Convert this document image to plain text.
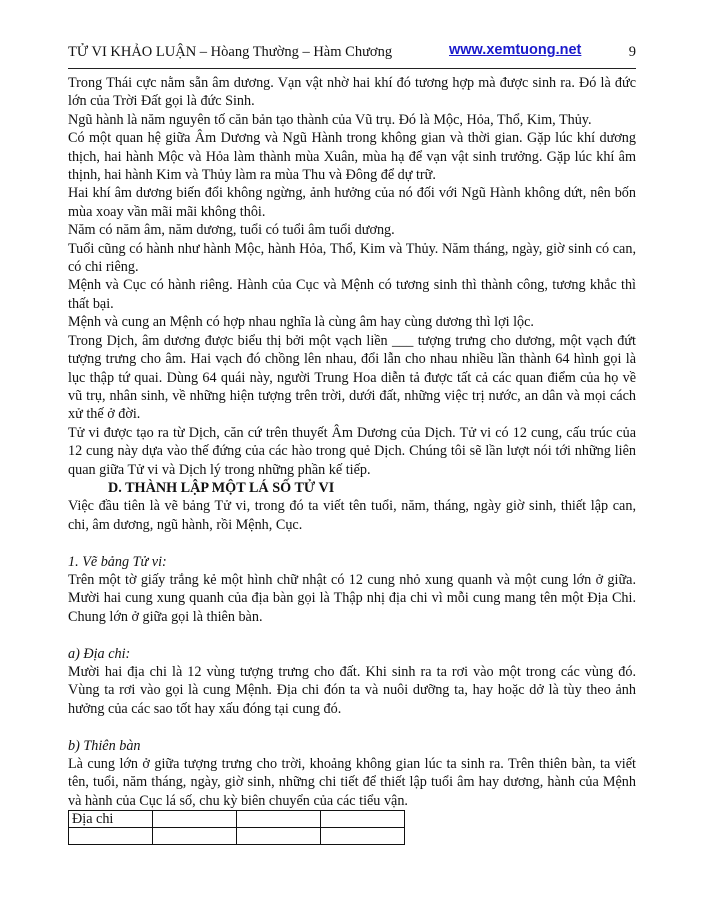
TỬ VI KHẢO LUẬN – Hòang Thường – Hàm Chương	www.xemtuong.net	9

Trong Thái cực nằm sẵn âm dương. Vạn vật nhờ hai khí đó tương hợp mà được sinh ra. Đó là đức lớn của Trời Đất gọi là đức Sinh.

Ngũ hành là năm nguyên tố căn bản tạo thành của Vũ trụ. Đó là Mộc, Hỏa, Thổ, Kim, Thủy.

Có một quan hệ giữa Âm Dương và Ngũ Hành trong không gian và thời gian. Gặp lúc khí dương thịch, hai hành Mộc và Hỏa làm thành mùa Xuân, mùa hạ để vạn vật sinh trưởng. Gặp lúc khí âm thịnh, hai hành Kim và Thủy làm ra mùa Thu và Đông để dự trữ.

Hai khí âm dương biến đổi không ngừng, ảnh hưởng của nó đối với Ngũ Hành không dứt, nên bốn mùa xoay vần mãi mãi không thôi.

Năm có năm âm, năm dương, tuổi có tuổi âm tuổi dương.

Tuổi cũng có hành như hành Mộc, hành Hỏa, Thổ, Kim và Thủy. Năm tháng, ngày, giờ sinh có can, có chi riêng.

Mệnh và Cục có hành riêng. Hành của Cục và Mệnh có tương sinh thì thành công, tương khắc thì thất bại.

Mệnh và cung an Mệnh có hợp nhau nghĩa là cùng âm hay cùng dương thì lợi lộc.

Trong Dịch, âm dương được biểu thị bởi một vạch liền ___ tượng trưng cho dương, một vạch đứt tượng trưng cho âm. Hai vạch đó chồng lên nhau, đổi lẫn cho nhau nhiều lần thành 64 hình gọi là lục thập tứ quai. Dùng 64 quái này, người Trung Hoa diễn tả được tất cả các quan điểm của họ về vũ trụ, nhân sinh, về những hiện tượng trên trời, dưới đất, những việc trị nước, an dân và mọi cách xử thế ở đời.

Tử vi được tạo ra từ Dịch, căn cứ trên thuyết Âm Dương của Dịch. Tử vi có 12 cung, cấu trúc của 12 cung này dựa vào thế đứng của các hào trong quẻ Dịch. Chúng tôi sẽ lần lượt nói tới những liên quan giữa Tử vi và Dịch lý trong những phần kế tiếp.

D. THÀNH LẬP MỘT LÁ SỐ TỬ VI

Việc đầu tiên là vẽ bảng Tử vi, trong đó ta viết tên tuổi, năm, tháng, ngày giờ sinh, thiết lập can, chi, âm dương, ngũ hành, rồi Mệnh, Cục.

1. Vẽ bảng Tử vi:

Trên một tờ giấy trắng kẻ một hình chữ nhật có 12 cung nhỏ xung quanh và một cung lớn ở giữa. Mười hai cung xung quanh của địa bàn gọi là Thập nhị địa chi vì mỗi cung mang tên một Địa Chi. Chung lớn ở giữa gọi là thiên bàn.

a) Địa chi:

Mười hai địa chi là 12 vùng tượng trưng cho đất. Khi sinh ra ta rơi vào một trong các vùng đó. Vùng ta rơi vào gọi là cung Mệnh. Địa chi đón ta và nuôi dưỡng ta, hay hoặc dở là tùy theo ảnh hưởng của các sao tốt hay xấu đóng tại cung đó.

b) Thiên bàn

Là cung lớn ở giữa tượng trưng cho trời, khoảng không gian lúc ta sinh ra. Trên thiên bàn, ta viết tên, tuổi, năm tháng, ngày, giờ sinh, những chi tiết để thiết lập tuổi âm hay dương, hành của Mệnh và hành của Cục lá số, chu kỳ biên chuyển của các tiểu vận.

Địa chi			
